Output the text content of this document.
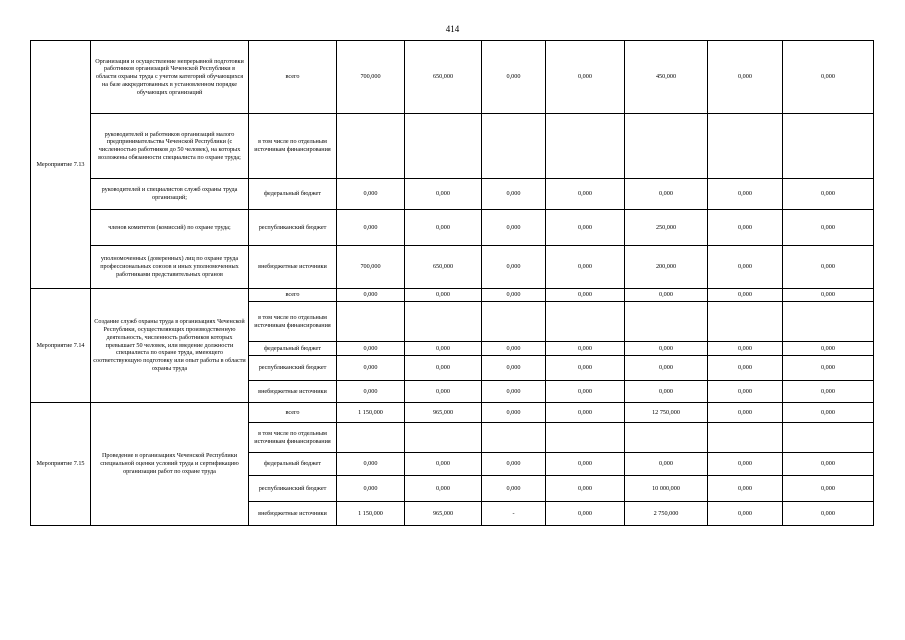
414
Мероприятие 7.13	Организация и осуществление непрерывной подготовки работников организаций Чеченской Республики в области охраны труда с учетом категорий обучающихся на базе аккредитованных в установленном порядке обучающих организаций	всего	700,000	650,000	0,000	0,000	450,000	0,000	0,000
	руководителей и работников организаций малого предпринимательства Чеченской Республики (с численностью работников до 50 человек), на которых возложены обязанности специалиста по охране труда;	в том числе по отдельным источникам финансирования							
	руководителей и специалистов служб охраны труда организаций;	федеральный бюджет	0,000	0,000	0,000	0,000	0,000	0,000	0,000
	членов комитетов (комиссий) по охране труда;	республиканский бюджет	0,000	0,000	0,000	0,000	250,000	0,000	0,000
	уполномоченных (доверенных) лиц по охране труда профессиональных союзов и иных уполномоченных работниками представительных органов	внебюджетные источники	700,000	650,000	0,000	0,000	200,000	0,000	0,000
Мероприятие 7.14	Создание служб охраны труда в организациях Чеченской Республики, осуществляющих производственную деятельность, численность работников которых превышает 50 человек, или введение должности специалиста по охране труда, имеющего соответствующую подготовку или опыт работы в области охраны труда	всего	0,000	0,000	0,000	0,000	0,000	0,000	0,000
		в том числе по отдельным источникам финансирования							
		федеральный бюджет	0,000	0,000	0,000	0,000	0,000	0,000	0,000
		республиканский бюджет	0,000	0,000	0,000	0,000	0,000	0,000	0,000
		внебюджетные источники	0,000	0,000	0,000	0,000	0,000	0,000	0,000
Мероприятие 7.15	Проведение в организациях Чеченской Республики специальной оценки условий труда и сертификацию организации работ по охране труда	всего	1 150,000	965,000	0,000	0,000	12 750,000	0,000	0,000
		в том числе по отдельным источникам финансирования							
		федеральный бюджет	0,000	0,000	0,000	0,000	0,000	0,000	0,000
		республиканский бюджет	0,000	0,000	0,000	0,000	10 000,000	0,000	0,000
		внебюджетные источники	1 150,000	965,000	-	0,000	2 750,000	0,000	0,000
